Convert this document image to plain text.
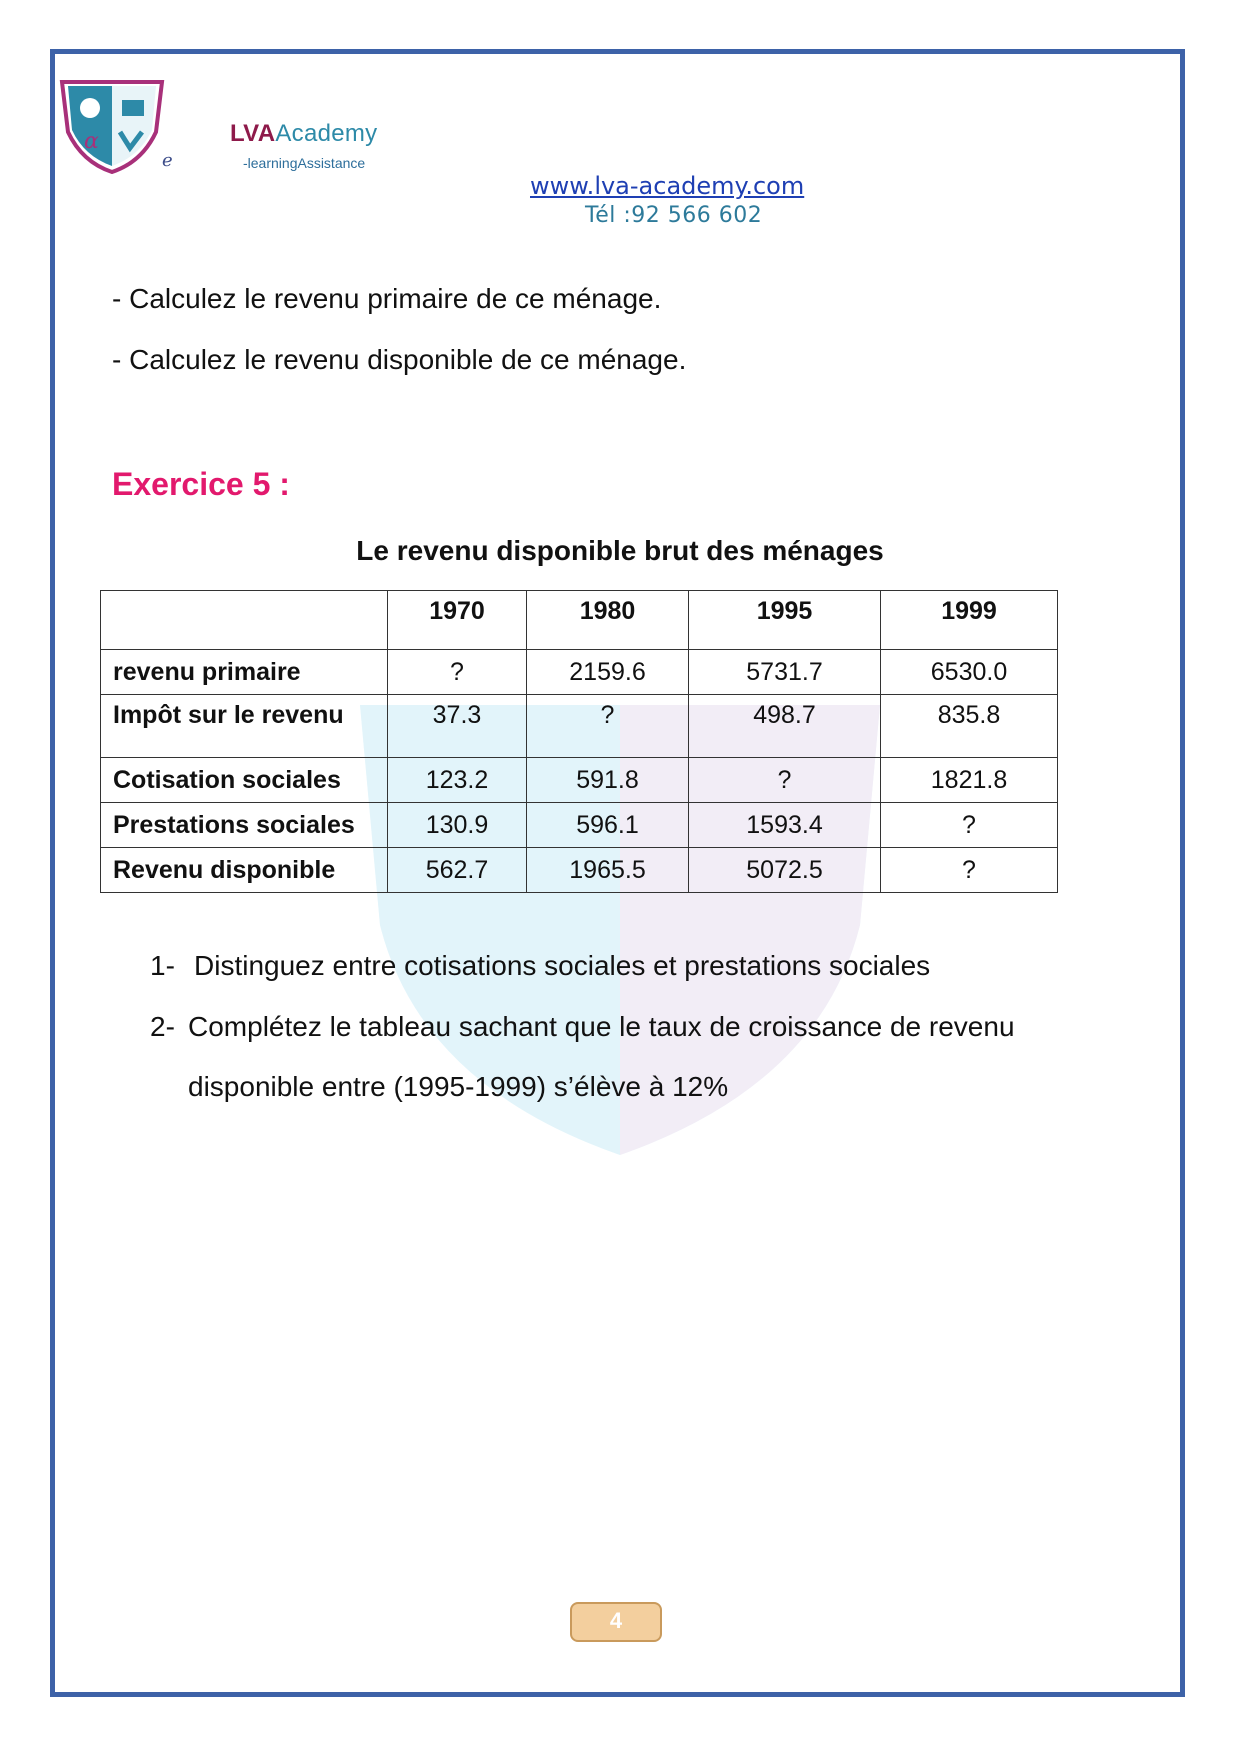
α
e
LVAAcademy
-learningAssistance
www.lva-academy.com
Tél :92 566 602
- Calculez le revenu primaire de ce ménage.
- Calculez le revenu disponible de ce ménage.
Exercice 5 :
Le revenu disponible brut des ménages
	1970	1980	1995	1999
revenu primaire	?	2159.6	5731.7	6530.0
Impôt sur le revenu	37.3	?	498.7	835.8
Cotisation sociales	123.2	591.8	?	1821.8
Prestations sociales	130.9	596.1	1593.4	?
Revenu disponible	562.7	1965.5	5072.5	?
1- Distinguez entre cotisations sociales et prestations sociales
2- Complétez le tableau sachant que le taux de croissance de revenu
disponible entre (1995-1999) s’élève à 12%
4
